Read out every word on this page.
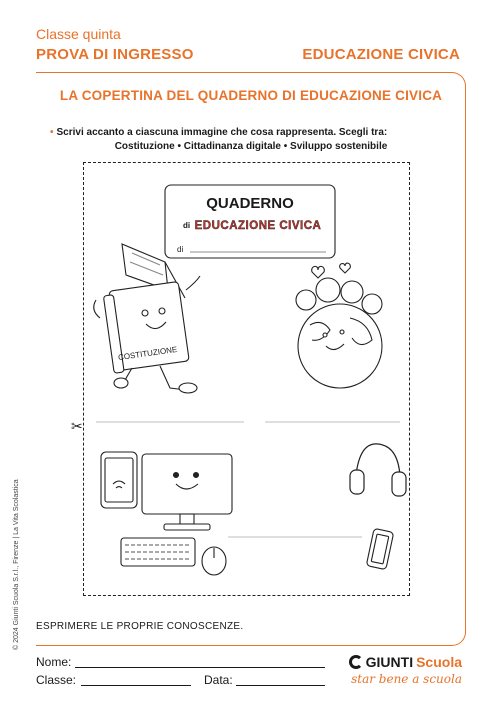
Classe quinta
PROVA DI INGRESSO	EDUCAZIONE CIVICA
LA COPERTINA DEL QUADERNO DI EDUCAZIONE CIVICA
• Scrivi accanto a ciascuna immagine che cosa rappresenta. Scegli tra:
Costituzione • Cittadinanza digitale • Sviluppo sostenibile
✂
QUADERNO
di EDUCAZIONE CIVICA
di
COSTITUZIONE
ESPRIMERE LE PROPRIE CONOSCENZE.
© 2024 Giunti Scuola S.r.l., Firenze | La Vita Scolastica
Nome:
Classe:	Data:
GIUNTI Scuola
star bene a scuola
